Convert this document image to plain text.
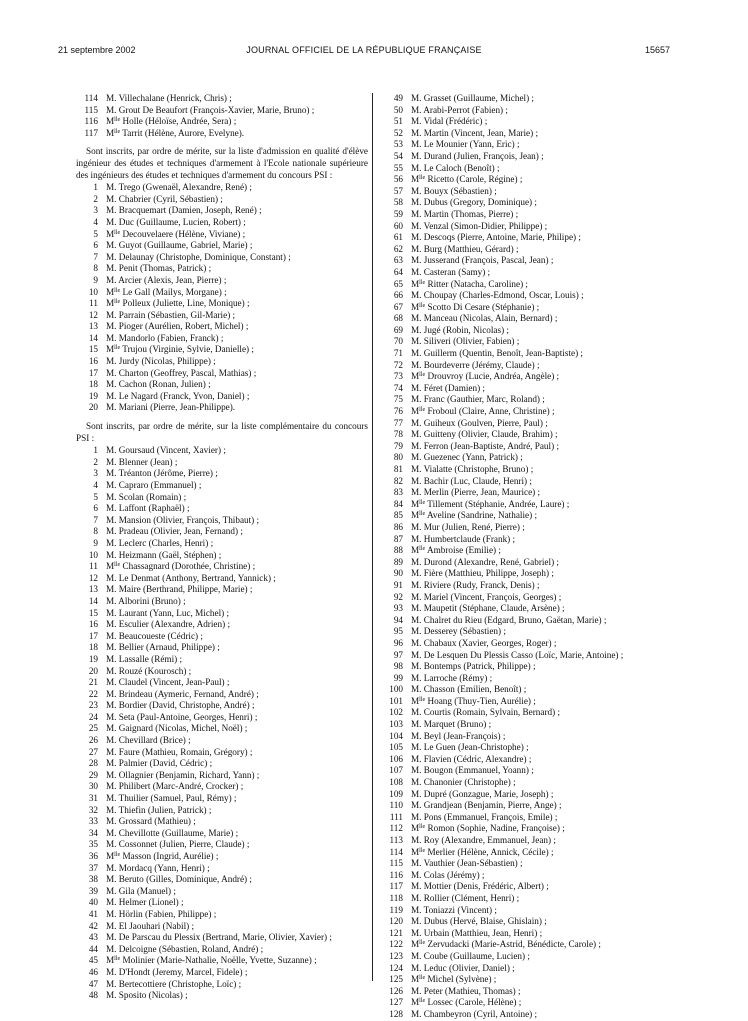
21 septembre 2002	JOURNAL OFFICIEL DE LA RÉPUBLIQUE FRANÇAISE	15657
114 M. Villechalane (Henrick, Chris) ;
115 M. Grout De Beaufort (François-Xavier, Marie, Bruno) ;
116 $M^{lle}$ Holle (Héloïse, Andrée, Sera) ;
117 $M^{lle}$ Tarrit (Hélène, Aurore, Evelyne).
Sont inscrits, par ordre de mérite, sur la liste d'admission en qualité d'élève ingénieur des études et techniques d'armement à l'Ecole nationale supérieure des ingénieurs des études et techniques d'armement du concours PSI :
1 M. Trego (Gwenaël, Alexandre, René) ;
2 M. Chabrier (Cyril, Sébastien) ;
3 M. Bracquemart (Damien, Joseph, René) ;
4 M. Duc (Guillaume, Lucien, Robert) ;
5 $M^{lle}$ Decouvelaere (Hélène, Viviane) ;
6 M. Guyot (Guillaume, Gabriel, Marie) ;
7 M. Delaunay (Christophe, Dominique, Constant) ;
8 M. Penit (Thomas, Patrick) ;
9 M. Arcier (Alexis, Jean, Pierre) ;
10 $M^{lle}$ Le Gall (Mailys, Morgane) ;
11 $M^{lle}$ Polleux (Juliette, Line, Monique) ;
12 M. Parrain (Sébastien, Gil-Marie) ;
13 M. Pioger (Aurélien, Robert, Michel) ;
14 M. Mandorlo (Fabien, Franck) ;
15 $M^{lle}$ Trujou (Virginie, Sylvie, Danielle) ;
16 M. Jurdy (Nicolas, Philippe) ;
17 M. Charton (Geoffrey, Pascal, Mathias) ;
18 M. Cachon (Ronan, Julien) ;
19 M. Le Nagard (Franck, Yvon, Daniel) ;
20 M. Mariani (Pierre, Jean-Philippe).
Sont inscrits, par ordre de mérite, sur la liste complémentaire du concours PSI :
1 M. Goursaud (Vincent, Xavier) ;
2 M. Blenner (Jean) ;
3 M. Tréanton (Jérôme, Pierre) ;
4 M. Capraro (Emmanuel) ;
5 M. Scolan (Romain) ;
6 M. Laffont (Raphaël) ;
7 M. Mansion (Olivier, François, Thibaut) ;
8 M. Pradeau (Olivier, Jean, Fernand) ;
9 M. Leclerc (Charles, Henri) ;
10 M. Heizmann (Gaël, Stéphen) ;
11 $M^{lle}$ Chassagnard (Dorothée, Christine) ;
12 M. Le Denmat (Anthony, Bertrand, Yannick) ;
13 M. Maire (Berthrand, Philippe, Marie) ;
14 M. Alborini (Bruno) ;
15 M. Laurant (Yann, Luc, Michel) ;
16 M. Esculier (Alexandre, Adrien) ;
17 M. Beaucoueste (Cédric) ;
18 M. Bellier (Arnaud, Philippe) ;
19 M. Lassalle (Rémi) ;
20 M. Rouzé (Kourosch) ;
21 M. Claudel (Vincent, Jean-Paul) ;
22 M. Brindeau (Aymeric, Fernand, André) ;
23 M. Bordier (David, Christophe, André) ;
24 M. Seta (Paul-Antoine, Georges, Henri) ;
25 M. Gaignard (Nicolas, Michel, Noël) ;
26 M. Chevillard (Brice) ;
27 M. Faure (Mathieu, Romain, Grégory) ;
28 M. Palmier (David, Cédric) ;
29 M. Ollagnier (Benjamin, Richard, Yann) ;
30 M. Philibert (Marc-André, Crocker) ;
31 M. Thuilier (Samuel, Paul, Rémy) ;
32 M. Thiefin (Julien, Patrick) ;
33 M. Grossard (Mathieu) ;
34 M. Chevillotte (Guillaume, Marie) ;
35 M. Cossonnet (Julien, Pierre, Claude) ;
36 $M^{lle}$ Masson (Ingrid, Aurélie) ;
37 M. Mordacq (Yann, Henri) ;
38 M. Beruto (Gilles, Dominique, André) ;
39 M. Gila (Manuel) ;
40 M. Helmer (Lionel) ;
41 M. Hörlin (Fabien, Philippe) ;
42 M. El Jaouhari (Nabil) ;
43 M. De Parscau du Plessix (Bertrand, Marie, Olivier, Xavier) ;
44 M. Delcoigne (Sébastien, Roland, André) ;
45 $M^{lle}$ Molinier (Marie-Nathalie, Noëlle, Yvette, Suzanne) ;
46 M. D'Hondt (Jeremy, Marcel, Fidele) ;
47 M. Bertecottiere (Christophe, Loïc) ;
48 M. Sposito (Nicolas) ;
49 M. Grasset (Guillaume, Michel) ;
50 M. Arabi-Perrot (Fabien) ;
51 M. Vidal (Frédéric) ;
52 M. Martin (Vincent, Jean, Marie) ;
53 M. Le Mounier (Yann, Eric) ;
54 M. Durand (Julien, François, Jean) ;
55 M. Le Caloch (Benoît) ;
56 $M^{lle}$ Ricetto (Carole, Régine) ;
57 M. Bouyx (Sébastien) ;
58 M. Dubus (Gregory, Dominique) ;
59 M. Martin (Thomas, Pierre) ;
60 M. Venzal (Simon-Didier, Philippe) ;
61 M. Descoqs (Pierre, Antoine, Marie, Philipe) ;
62 M. Burg (Matthieu, Gérard) ;
63 M. Jusserand (François, Pascal, Jean) ;
64 M. Casteran (Samy) ;
65 $M^{lle}$ Ritter (Natacha, Caroline) ;
66 M. Choupay (Charles-Edmond, Oscar, Louis) ;
67 $M^{lle}$ Scotto Di Cesare (Stéphanie) ;
68 M. Manceau (Nicolas, Alain, Bernard) ;
69 M. Jugé (Robin, Nicolas) ;
70 M. Siliveri (Olivier, Fabien) ;
71 M. Guillerm (Quentin, Benoît, Jean-Baptiste) ;
72 M. Bourdeverre (Jérémy, Claude) ;
73 $M^{lle}$ Drouvroy (Lucie, Andréa, Angèle) ;
74 M. Féret (Damien) ;
75 M. Franc (Gauthier, Marc, Roland) ;
76 $M^{lle}$ Froboul (Claire, Anne, Christine) ;
77 M. Guiheux (Goulven, Pierre, Paul) ;
78 M. Guitteny (Olivier, Claude, Brahim) ;
79 M. Ferron (Jean-Baptiste, André, Paul) ;
80 M. Guezenec (Yann, Patrick) ;
81 M. Vialatte (Christophe, Bruno) ;
82 M. Bachir (Luc, Claude, Henri) ;
83 M. Merlin (Pierre, Jean, Maurice) ;
84 $M^{lle}$ Tillement (Stéphanie, Andrée, Laure) ;
85 $M^{lle}$ Aveline (Sandrine, Nathalie) ;
86 M. Mur (Julien, René, Pierre) ;
87 M. Humbertclaude (Frank) ;
88 $M^{lle}$ Ambroise (Emilie) ;
89 M. Durond (Alexandre, René, Gabriel) ;
90 M. Fière (Matthieu, Philippe, Joseph) ;
91 M. Riviere (Rudy, Franck, Denis) ;
92 M. Mariel (Vincent, François, Georges) ;
93 M. Maupetit (Stéphane, Claude, Arsène) ;
94 M. Chalret du Rieu (Edgard, Bruno, Gaëtan, Marie) ;
95 M. Desserey (Sébastien) ;
96 M. Chabaux (Xavier, Georges, Roger) ;
97 M. De Lesquen Du Plessis Casso (Loïc, Marie, Antoine) ;
98 M. Bontemps (Patrick, Philippe) ;
99 M. Larroche (Rémy) ;
100 M. Chasson (Emilien, Benoît) ;
101 $M^{lle}$ Hoang (Thuy-Tien, Aurélie) ;
102 M. Courtis (Romain, Sylvain, Bernard) ;
103 M. Marquet (Bruno) ;
104 M. Beyl (Jean-François) ;
105 M. Le Guen (Jean-Christophe) ;
106 M. Flavien (Cédric, Alexandre) ;
107 M. Bougon (Emmanuel, Yoann) ;
108 M. Chanonier (Christophe) ;
109 M. Dupré (Gonzague, Marie, Joseph) ;
110 M. Grandjean (Benjamin, Pierre, Ange) ;
111 M. Pons (Emmanuel, François, Emile) ;
112 $M^{lle}$ Romon (Sophie, Nadine, Françoise) ;
113 M. Roy (Alexandre, Emmanuel, Jean) ;
114 $M^{lle}$ Merlier (Hélène, Annick, Cécile) ;
115 M. Vauthier (Jean-Sébastien) ;
116 M. Colas (Jérémy) ;
117 M. Mottier (Denis, Frédéric, Albert) ;
118 M. Rollier (Clément, Henri) ;
119 M. Toniazzi (Vincent) ;
120 M. Dubus (Hervé, Blaise, Ghislain) ;
121 M. Urbain (Matthieu, Jean, Henri) ;
122 $M^{lle}$ Zervudacki (Marie-Astrid, Bénédicte, Carole) ;
123 M. Coube (Guillaume, Lucien) ;
124 M. Leduc (Olivier, Daniel) ;
125 $M^{lle}$ Michel (Sylvène) ;
126 M. Peter (Mathieu, Thomas) ;
127 $M^{lle}$ Lossec (Carole, Hélène) ;
128 M. Chambeyron (Cyril, Antoine) ;
